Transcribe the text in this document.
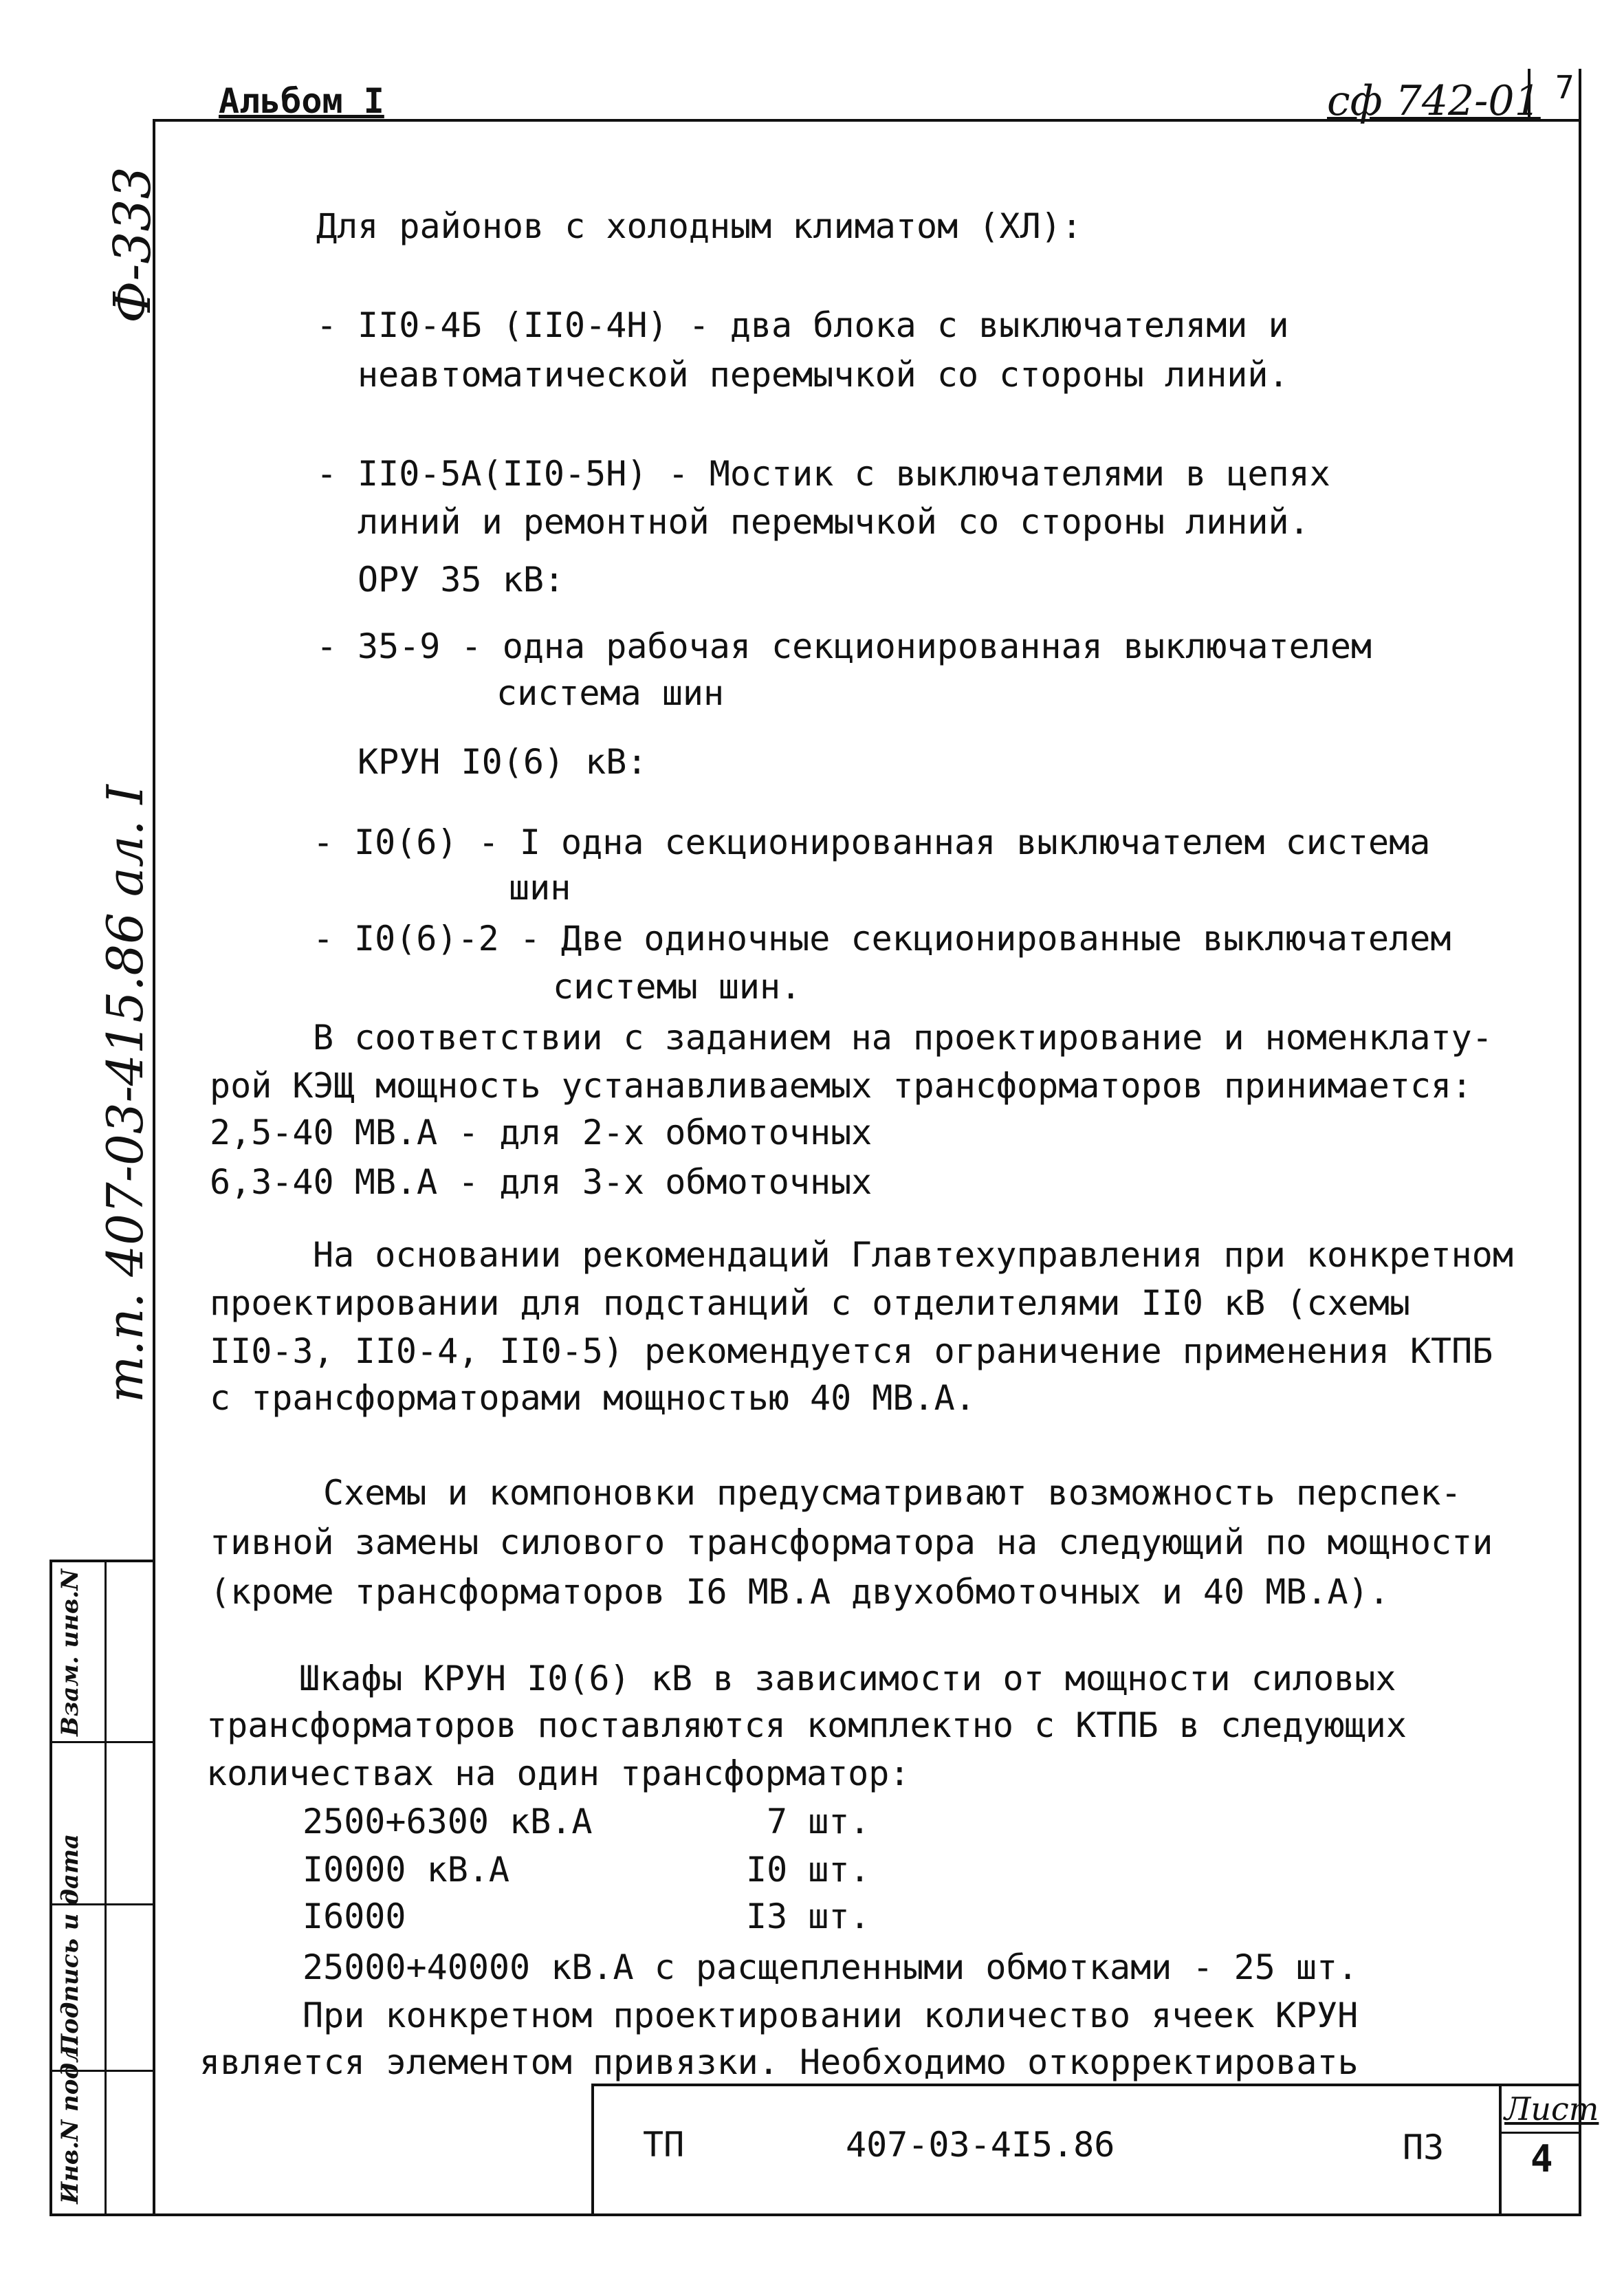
Альбом I	сф 742-01 7
Ф-333
т.п. 407-03-415.86 ал. I
Взам. инв.N
Подпись и дата
Инв.N подл.
Для районов с холодным климатом (ХЛ):
- II0-4Б (II0-4Н) - два блока с выключателями и
неавтоматической перемычкой со стороны линий.
- II0-5А(II0-5Н) - Мостик с выключателями в цепях
линий и ремонтной перемычкой со стороны линий.
ОРУ 35 кВ:
- 35-9 - одна рабочая секционированная выключателем
система шин
КРУН I0(6) кВ:
- I0(6) - I одна секционированная выключателем система
шин
- I0(6)-2 - Две одиночные секционированные выключателем
системы шин.
В соответствии с заданием на проектирование и номенклату-
рой КЭЩ мощность устанавливаемых трансформаторов принимается:
2,5-40 МВ.А - для 2-х обмоточных
6,3-40 МВ.А - для 3-х обмоточных
На основании рекомендаций Главтехуправления при конкретном
проектировании для подстанций с отделителями II0 кВ (схемы
II0-3, II0-4, II0-5) рекомендуется ограничение применения КТПБ
с трансформаторами мощностью 40 МВ.А.
Схемы и компоновки предусматривают возможность перспек-
тивной замены силового трансформатора на следующий по мощности
(кроме трансформаторов I6 МВ.А двухобмоточных и 40 МВ.А).
Шкафы КРУН I0(6) кВ в зависимости от мощности силовых
трансформаторов поставляются комплектно с КТПБ в следующих
количествах на один трансформатор:
2500+6300 кВ.А	7 шт.
I0000 кВ.А	I0 шт.
I6000	I3 шт.
25000+40000 кВ.А с расщепленными обмотками - 25 шт.
При конкретном проектировании количество ячеек КРУН
является элементом привязки. Необходимо откорректировать
ТП	407-03-4I5.86	ПЗ
Лист
4
